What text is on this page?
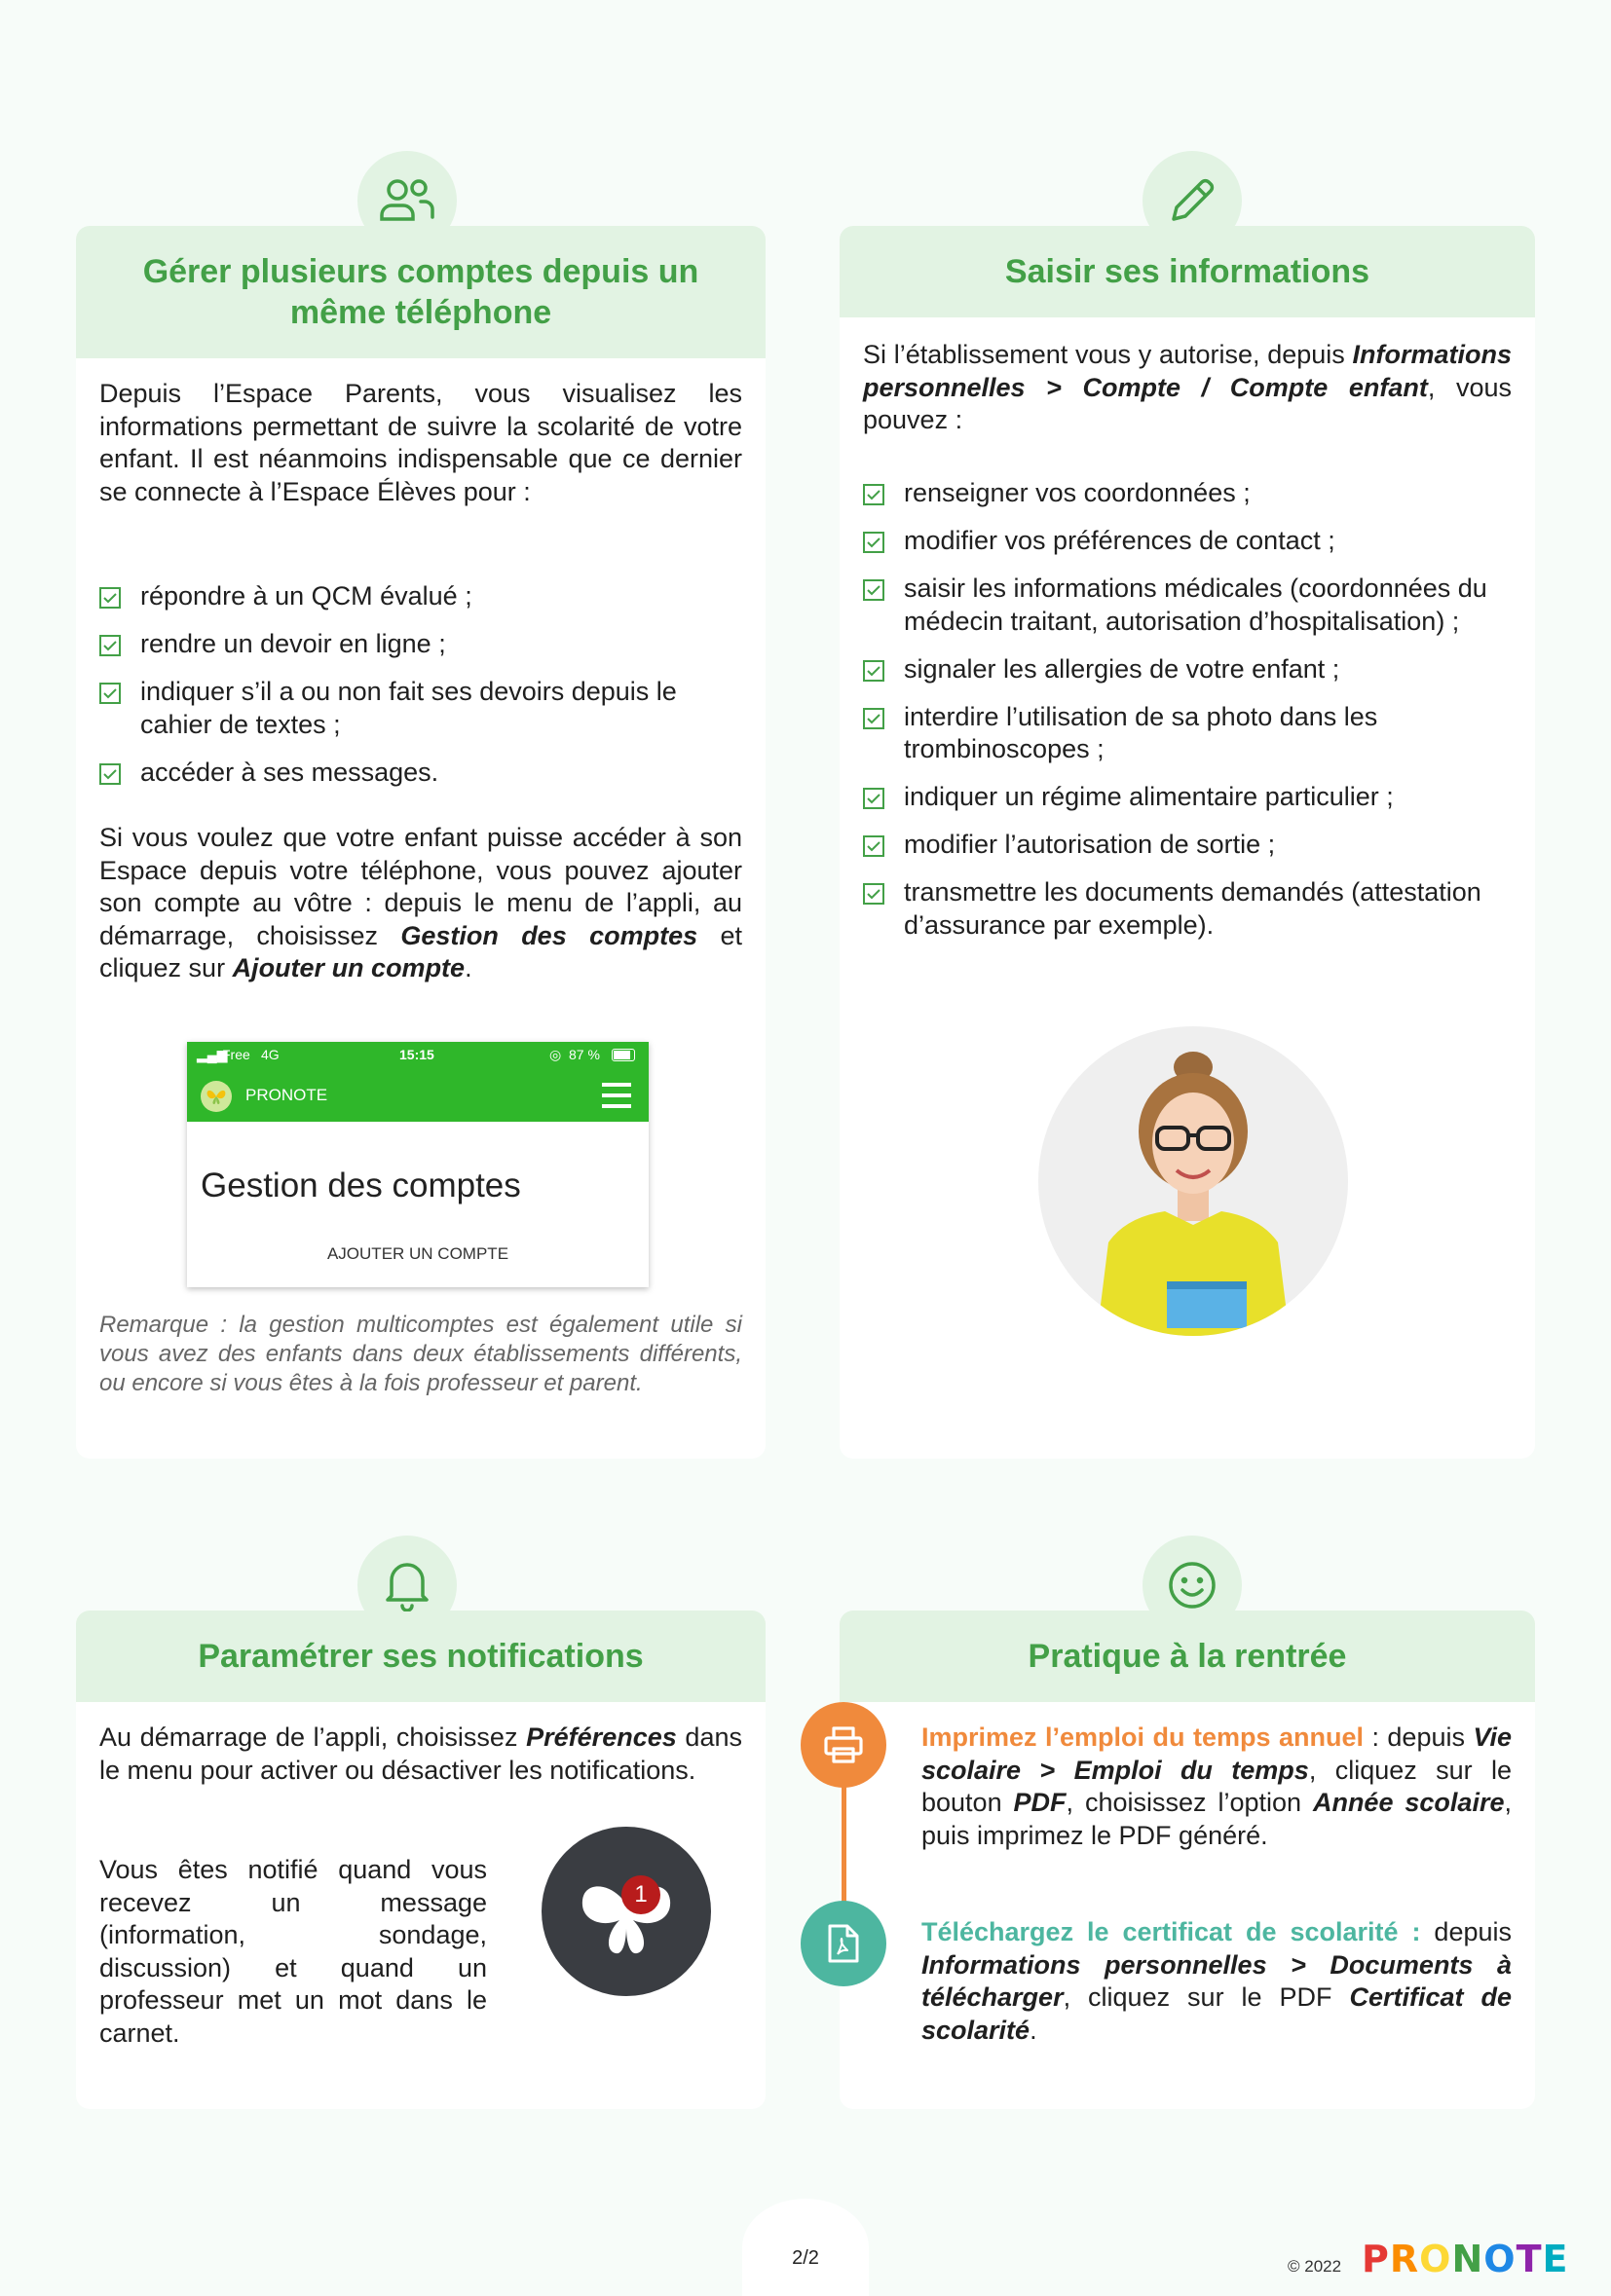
Gérer plusieurs comptes depuis un même téléphone

Depuis l’Espace Parents, vous visualisez les informations permettant de suivre la scolarité de votre enfant. Il est néanmoins indispensable que ce dernier se connecte à l’Espace Élèves pour :

répondre à un QCM évalué ;
rendre un devoir en ligne ;
indiquer s’il a ou non fait ses devoirs depuis le cahier de textes ;
accéder à ses messages.

Si vous voulez que votre enfant puisse accéder à son Espace depuis votre téléphone, vous pouvez ajouter son compte au vôtre : depuis le menu de l’appli, au démarrage, choisissez Gestion des comptes et cliquez sur Ajouter un compte.

▂▄▆
Free 4G	15:15	◎ 87 %
PRONOTE
Gestion des comptes
AJOUTER UN COMPTE
Remarque : la gestion multicomptes est également utile si vous avez des enfants dans deux établissements différents, ou encore si vous êtes à la fois professeur et parent.
Saisir ses informations

Si l’établissement vous y autorise, depuis Informations personnelles > Compte / Compte enfant, vous pouvez :

renseigner vos coordonnées ;
modifier vos préférences de contact ;
saisir les informations médicales (coordonnées du médecin traitant, autorisation d’hospitalisation) ;
signaler les allergies de votre enfant ;
interdire l’utilisation de sa photo dans les trombinoscopes ;
indiquer un régime alimentaire particulier ;
modifier l’autorisation de sortie ;
transmettre les documents demandés (attestation d’assurance par exemple).
Paramétrer ses notifications

Au démarrage de l’appli, choisissez Préférences dans le menu pour activer ou désactiver les notifications.

Vous êtes notifié quand vous recevez un message (information, sondage, discussion) et quand un professeur met un mot dans le carnet.

1
Pratique à la rentrée

Imprimez l’emploi du temps annuel : depuis Vie scolaire > Emploi du temps, cliquez sur le bouton PDF, choisissez l’option Année scolaire, puis imprimez le PDF généré.

Téléchargez le certificat de scolarité : depuis Informations personnelles > Documents à télécharger, cliquez sur le PDF Certificat de scolarité.

2/2	© 2022 PRONOTE
